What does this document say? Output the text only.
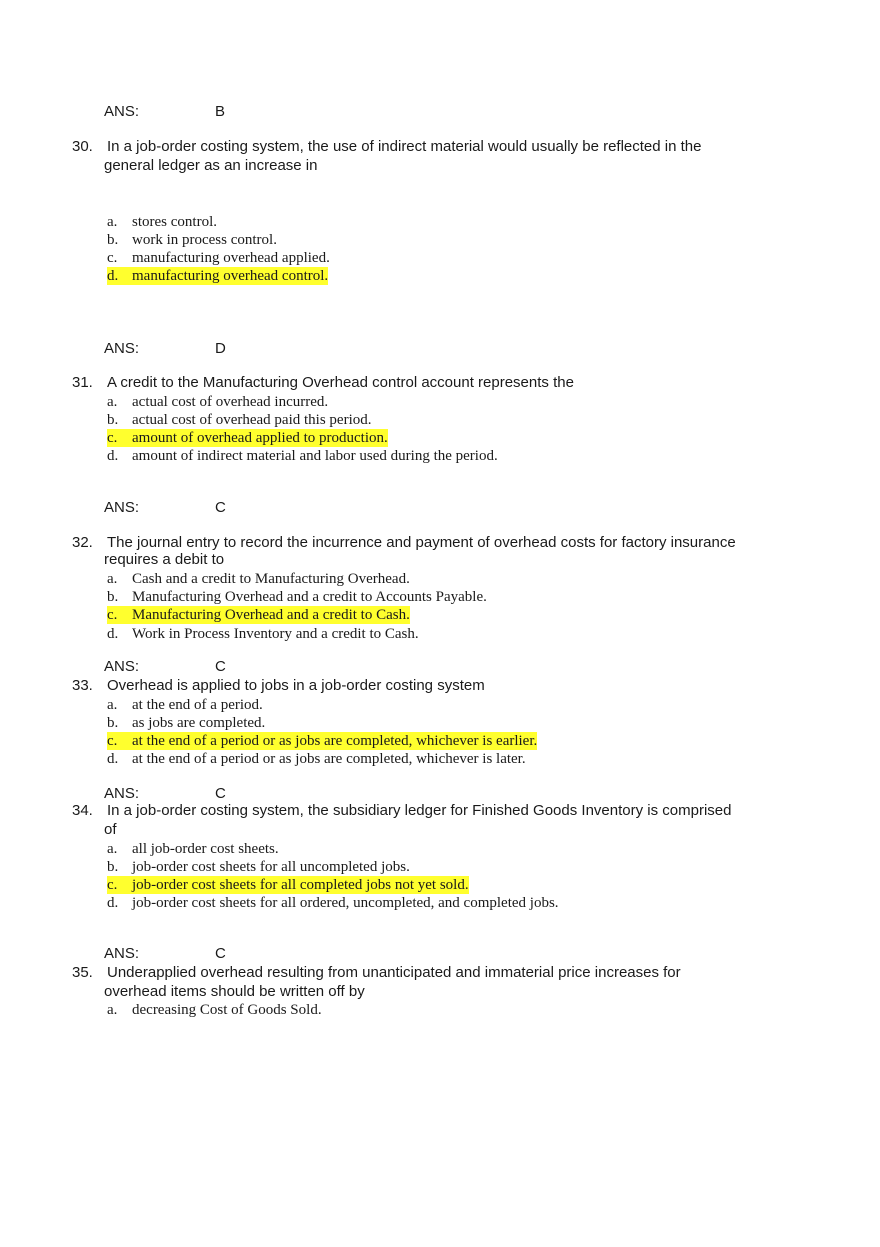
ANS:	B
30. In a job-order costing system, the use of indirect material would usually be reflected in the
general ledger as an increase in
a. stores control.
b. work in process control.
c. manufacturing overhead applied.
d. manufacturing overhead control.
ANS:	D
31. A credit to the Manufacturing Overhead control account represents the
a. actual cost of overhead incurred.
b. actual cost of overhead paid this period.
c. amount of overhead applied to production.
d. amount of indirect material and labor used during the period.
ANS:	C
32. The journal entry to record the incurrence and payment of overhead costs for factory insurance
requires a debit to
a. Cash and a credit to Manufacturing Overhead.
b. Manufacturing Overhead and a credit to Accounts Payable.
c. Manufacturing Overhead and a credit to Cash.
d. Work in Process Inventory and a credit to Cash.
ANS:	C
33. Overhead is applied to jobs in a job-order costing system
a. at the end of a period.
b. as jobs are completed.
c. at the end of a period or as jobs are completed, whichever is earlier.
d. at the end of a period or as jobs are completed, whichever is later.
ANS:	C
34. In a job-order costing system, the subsidiary ledger for Finished Goods Inventory is comprised
of
a. all job-order cost sheets.
b. job-order cost sheets for all uncompleted jobs.
c. job-order cost sheets for all completed jobs not yet sold.
d. job-order cost sheets for all ordered, uncompleted, and completed jobs.
ANS:	C
35. Underapplied overhead resulting from unanticipated and immaterial price increases for
overhead items should be written off by
a. decreasing Cost of Goods Sold.
